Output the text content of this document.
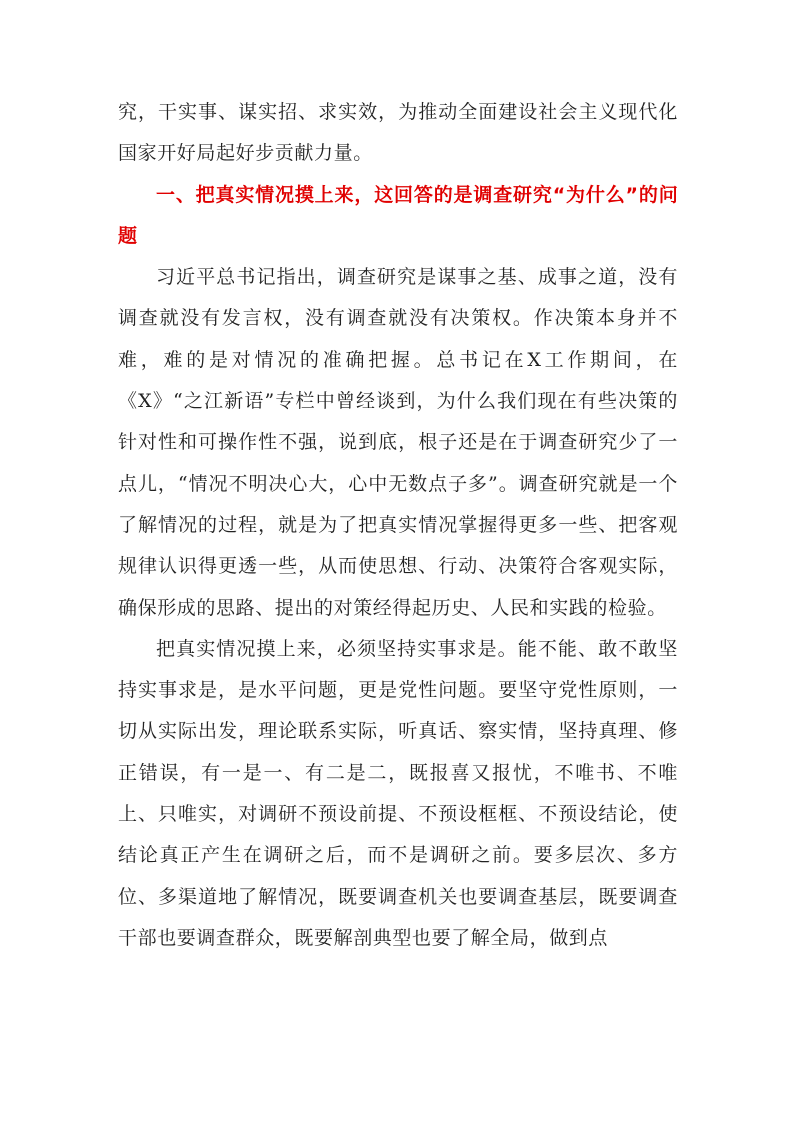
究，干实事、谋实招、求实效，为推动全面建设社会主义现代化国家开好局起好步贡献力量。

一、把真实情况摸上来，这回答的是调查研究“为什么”的问题

习近平总书记指出，调查研究是谋事之基、成事之道，没有调查就没有发言权，没有调查就没有决策权。作决策本身并不难，难的是对情况的准确把握。总书记在X工作期间，在《X》“之江新语”专栏中曾经谈到，为什么我们现在有些决策的针对性和可操作性不强，说到底，根子还是在于调查研究少了一点儿，“情况不明决心大，心中无数点子多”。调查研究就是一个了解情况的过程，就是为了把真实情况掌握得更多一些、把客观规律认识得更透一些，从而使思想、行动、决策符合客观实际，确保形成的思路、提出的对策经得起历史、人民和实践的检验。

把真实情况摸上来，必须坚持实事求是。能不能、敢不敢坚持实事求是，是水平问题，更是党性问题。要坚守党性原则，一切从实际出发，理论联系实际，听真话、察实情，坚持真理、修正错误，有一是一、有二是二，既报喜又报忧，不唯书、不唯上、只唯实，对调研不预设前提、不预设框框、不预设结论，使结论真正产生在调研之后，而不是调研之前。要多层次、多方位、多渠道地了解情况，既要调查机关也要调查基层，既要调查干部也要调查群众，既要解剖典型也要了解全局，做到点
